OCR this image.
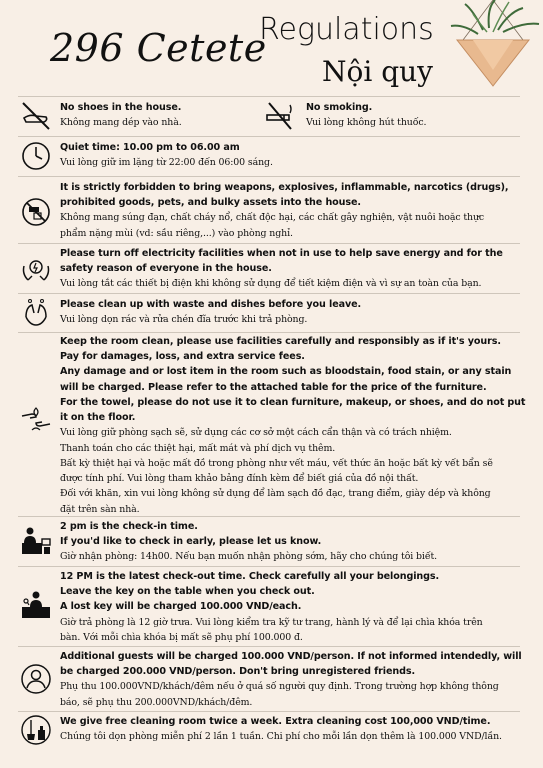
296 Cetete
Regulations
Nội quy
No shoes in the house.
Không mang dép vào nhà.
No smoking.
Vui lòng không hút thuốc.
Quiet time: 10.00 pm to 06.00 am
Vui lòng giữ im lặng từ 22:00 đến 06:00 sáng.
It is strictly forbidden to bring weapons, explosives, inflammable, narcotics (drugs),
prohibited goods, pets, and bulky assets into the house.
Không mang súng đạn, chất cháy nổ, chất độc hại, các chất gây nghiện, vật nuôi hoặc thực
phẩm nặng mùi (vd: sầu riêng,...) vào phòng nghỉ.
Please turn off electricity facilities when not in use to help save energy and for the
safety reason of everyone in the house.
Vui lòng tắt các thiết bị điện khi không sử dụng để tiết kiệm điện và vì sự an toàn của bạn.
Please clean up with waste and dishes before you leave.
Vui lòng dọn rác và rửa chén đĩa trước khi trả phòng.
Keep the room clean, please use facilities carefully and responsibly as if it's yours.
Pay for damages, loss, and extra service fees.
Any damage and or lost item in the room such as bloodstain, food stain, or any stain
will be charged. Please refer to the attached table for the price of the furniture.
For the towel, please do not use it to clean furniture, makeup, or shoes, and do not put
it on the floor.
Vui lòng giữ phòng sạch sẽ, sử dụng các cơ sở một cách cẩn thận và có trách nhiệm.
Thanh toán cho các thiệt hại, mất mát và phí dịch vụ thêm.
Bất kỳ thiệt hại và hoặc mất đồ trong phòng như vết máu, vết thức ăn hoặc bất kỳ vết bẩn sẽ
được tính phí. Vui lòng tham khảo bảng đính kèm để biết giá của đồ nội thất.
Đối với khăn, xin vui lòng không sử dụng để làm sạch đồ đạc, trang điểm, giày dép và không
đặt trên sàn nhà.
2 pm is the check-in time.
If you'd like to check in early, please let us know.
Giờ nhận phòng: 14h00. Nếu bạn muốn nhận phòng sớm, hãy cho chúng tôi biết.
12 PM is the latest check-out time. Check carefully all your belongings.
Leave the key on the table when you check out.
A lost key will be charged 100.000 VND/each.
Giờ trả phòng là 12 giờ trưa. Vui lòng kiểm tra kỹ tư trang, hành lý và để lại chìa khóa trên
bàn. Với mỗi chìa khóa bị mất sẽ phụ phí 100.000 đ.
Additional guests will be charged 100.000 VND/person. If not informed intendedly, will
be charged 200.000 VND/person. Don't bring unregistered friends.
Phụ thu 100.000VND/khách/đêm nếu ở quá số người quy định. Trong trường hợp không thông
báo, sẽ phụ thu 200.000VND/khách/đêm.
We give free cleaning room twice a week. Extra cleaning cost 100,000 VND/time.
Chúng tôi dọn phòng miễn phí 2 lần 1 tuần. Chi phí cho mỗi lần dọn thêm là 100.000 VND/lần.
